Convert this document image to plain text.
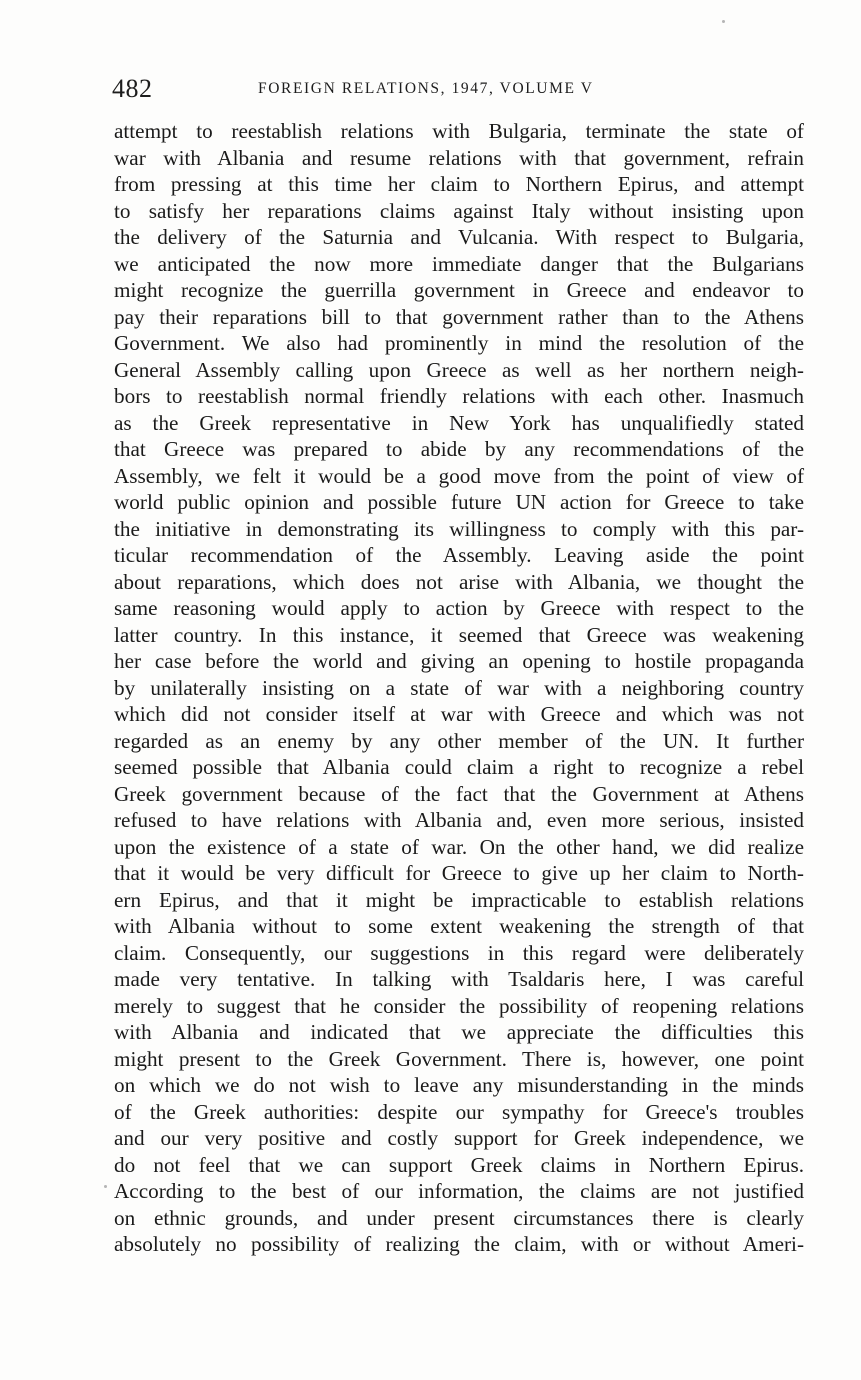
482	FOREIGN RELATIONS, 1947, VOLUME V
attempt to reestablish relations with Bulgaria, terminate the state of
war with Albania and resume relations with that government, refrain
from pressing at this time her claim to Northern Epirus, and attempt
to satisfy her reparations claims against Italy without insisting upon
the delivery of the Saturnia and Vulcania. With respect to Bulgaria,
we anticipated the now more immediate danger that the Bulgarians
might recognize the guerrilla government in Greece and endeavor to
pay their reparations bill to that government rather than to the Athens
Government. We also had prominently in mind the resolution of the
General Assembly calling upon Greece as well as her northern neigh-
bors to reestablish normal friendly relations with each other. Inasmuch
as the Greek representative in New York has unqualifiedly stated
that Greece was prepared to abide by any recommendations of the
Assembly, we felt it would be a good move from the point of view of
world public opinion and possible future UN action for Greece to take
the initiative in demonstrating its willingness to comply with this par-
ticular recommendation of the Assembly. Leaving aside the point
about reparations, which does not arise with Albania, we thought the
same reasoning would apply to action by Greece with respect to the
latter country. In this instance, it seemed that Greece was weakening
her case before the world and giving an opening to hostile propaganda
by unilaterally insisting on a state of war with a neighboring country
which did not consider itself at war with Greece and which was not
regarded as an enemy by any other member of the UN. It further
seemed possible that Albania could claim a right to recognize a rebel
Greek government because of the fact that the Government at Athens
refused to have relations with Albania and, even more serious, insisted
upon the existence of a state of war. On the other hand, we did realize
that it would be very difficult for Greece to give up her claim to North-
ern Epirus, and that it might be impracticable to establish relations
with Albania without to some extent weakening the strength of that
claim. Consequently, our suggestions in this regard were deliberately
made very tentative. In talking with Tsaldaris here, I was careful
merely to suggest that he consider the possibility of reopening relations
with Albania and indicated that we appreciate the difficulties this
might present to the Greek Government. There is, however, one point
on which we do not wish to leave any misunderstanding in the minds
of the Greek authorities: despite our sympathy for Greece's troubles
and our very positive and costly support for Greek independence, we
do not feel that we can support Greek claims in Northern Epirus.
According to the best of our information, the claims are not justified
on ethnic grounds, and under present circumstances there is clearly
absolutely no possibility of realizing the claim, with or without Ameri-
